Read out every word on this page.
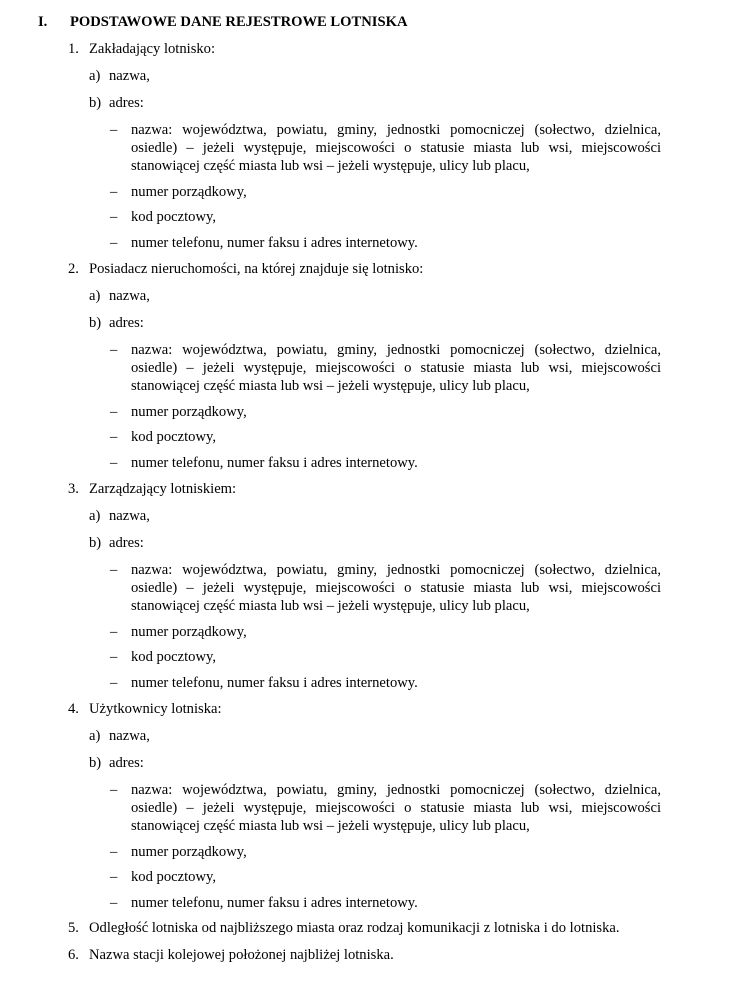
I. PODSTAWOWE DANE REJESTROWE LOTNISKA
1. Zakładający lotnisko:
a) nazwa,
b) adres:
– nazwa: województwa, powiatu, gminy, jednostki pomocniczej (sołectwo, dzielnica, osiedle) – jeżeli występuje, miejscowości o statusie miasta lub wsi, miejscowości stanowiącej część miasta lub wsi – jeżeli występuje, ulicy lub placu,
– numer porządkowy,
– kod pocztowy,
– numer telefonu, numer faksu i adres internetowy.
2. Posiadacz nieruchomości, na której znajduje się lotnisko:
a) nazwa,
b) adres:
– nazwa: województwa, powiatu, gminy, jednostki pomocniczej (sołectwo, dzielnica, osiedle) – jeżeli występuje, miejscowości o statusie miasta lub wsi, miejscowości stanowiącej część miasta lub wsi – jeżeli występuje, ulicy lub placu,
– numer porządkowy,
– kod pocztowy,
– numer telefonu, numer faksu i adres internetowy.
3. Zarządzający lotniskiem:
a) nazwa,
b) adres:
– nazwa: województwa, powiatu, gminy, jednostki pomocniczej (sołectwo, dzielnica, osiedle) – jeżeli występuje, miejscowości o statusie miasta lub wsi, miejscowości stanowiącej część miasta lub wsi – jeżeli występuje, ulicy lub placu,
– numer porządkowy,
– kod pocztowy,
– numer telefonu, numer faksu i adres internetowy.
4. Użytkownicy lotniska:
a) nazwa,
b) adres:
– nazwa: województwa, powiatu, gminy, jednostki pomocniczej (sołectwo, dzielnica, osiedle) – jeżeli występuje, miejscowości o statusie miasta lub wsi, miejscowości stanowiącej część miasta lub wsi – jeżeli występuje, ulicy lub placu,
– numer porządkowy,
– kod pocztowy,
– numer telefonu, numer faksu i adres internetowy.
5. Odległość lotniska od najbliższego miasta oraz rodzaj komunikacji z lotniska i do lotniska.
6. Nazwa stacji kolejowej położonej najbliżej lotniska.
